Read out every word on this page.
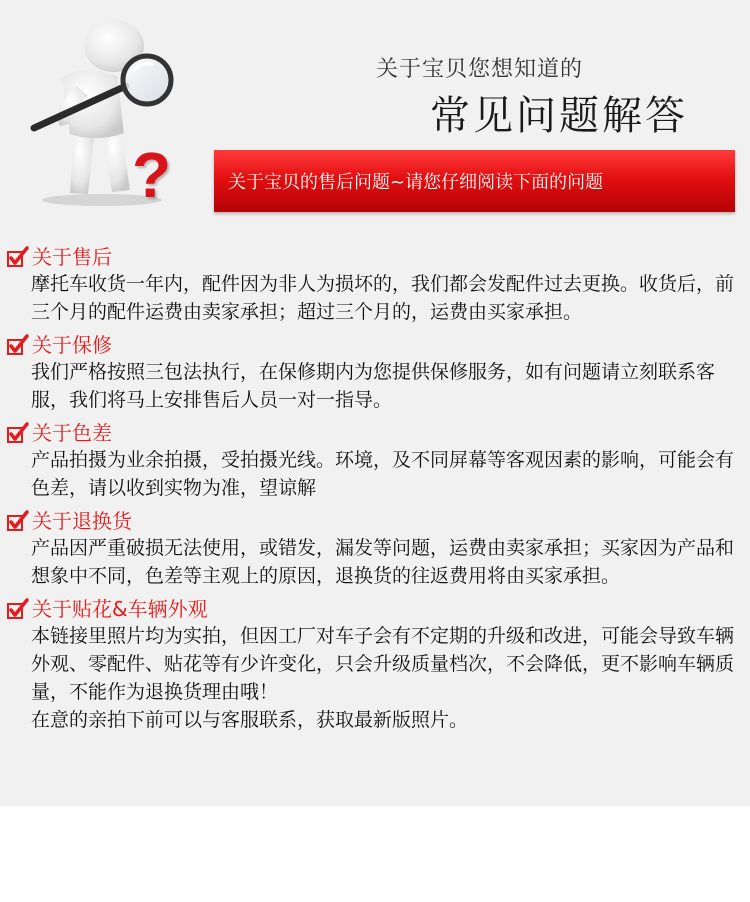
?
关于宝贝您想知道的
常见问题解答
关于宝贝的售后问题~请您仔细阅读下面的问题
关于售后
摩托车收货一年内，配件因为非人为损坏的，我们都会发配件过去更换。收货后，前三个月的配件运费由卖家承担；超过三个月的，运费由买家承担。
关于保修
我们严格按照三包法执行，在保修期内为您提供保修服务，如有问题请立刻联系客服，我们将马上安排售后人员一对一指导。
关于色差
产品拍摄为业余拍摄，受拍摄光线。环境，及不同屏幕等客观因素的影响，可能会有色差，请以收到实物为准，望谅解
关于退换货
产品因严重破损无法使用，或错发，漏发等问题，运费由卖家承担；买家因为产品和想象中不同，色差等主观上的原因，退换货的往返费用将由买家承担。
关于贴花&车辆外观
本链接里照片均为实拍，但因工厂对车子会有不定期的升级和改进，可能会导致车辆外观、零配件、贴花等有少许变化，只会升级质量档次，不会降低，更不影响车辆质量，不能作为退换货理由哦！
在意的亲拍下前可以与客服联系，获取最新版照片。
